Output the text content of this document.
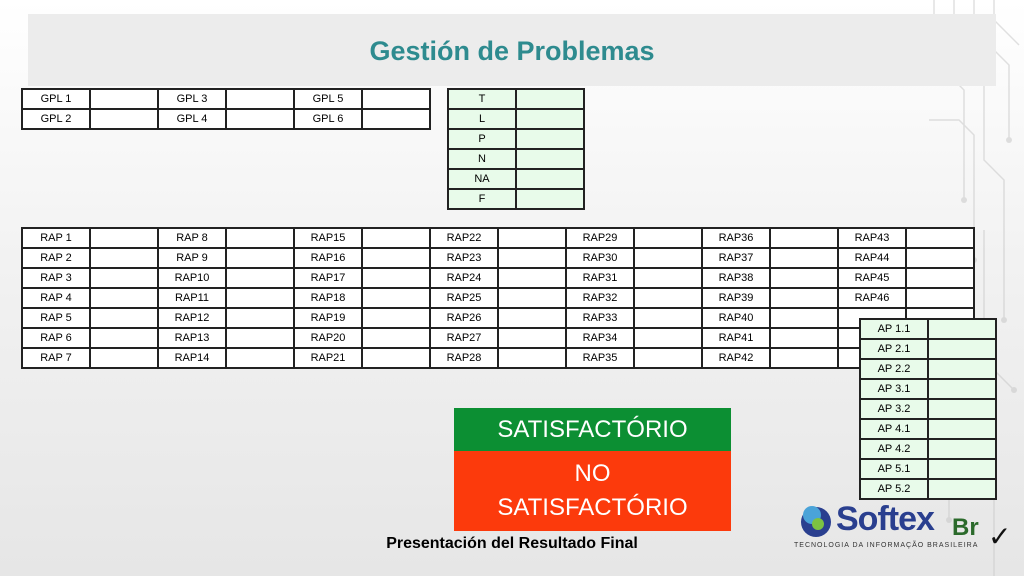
Gestión de Problemas
GPL 1		GPL 3		GPL 5	
GPL 2		GPL 4		GPL 6	
T	
L	
P	
N	
NA	
F	
RAP 1		RAP 8		RAP15		RAP22		RAP29		RAP36		RAP43	
RAP 2		RAP 9		RAP16		RAP23		RAP30		RAP37		RAP44	
RAP 3		RAP10		RAP17		RAP24		RAP31		RAP38		RAP45	
RAP 4		RAP11		RAP18		RAP25		RAP32		RAP39		RAP46	
RAP 5		RAP12		RAP19		RAP26		RAP33		RAP40			
RAP 6		RAP13		RAP20		RAP27		RAP34		RAP41			
RAP 7		RAP14		RAP21		RAP28		RAP35		RAP42			
AP 1.1	
AP 2.1	
AP 2.2	
AP 3.1	
AP 3.2	
AP 4.1	
AP 4.2	
AP 5.1	
AP 5.2	
SATISFACTÓRIO
NO
SATISFACTÓRIO
Presentación del Resultado Final
Softex
TECNOLOGIA DA INFORMAÇÃO BRASILEIRA
Br ✓
